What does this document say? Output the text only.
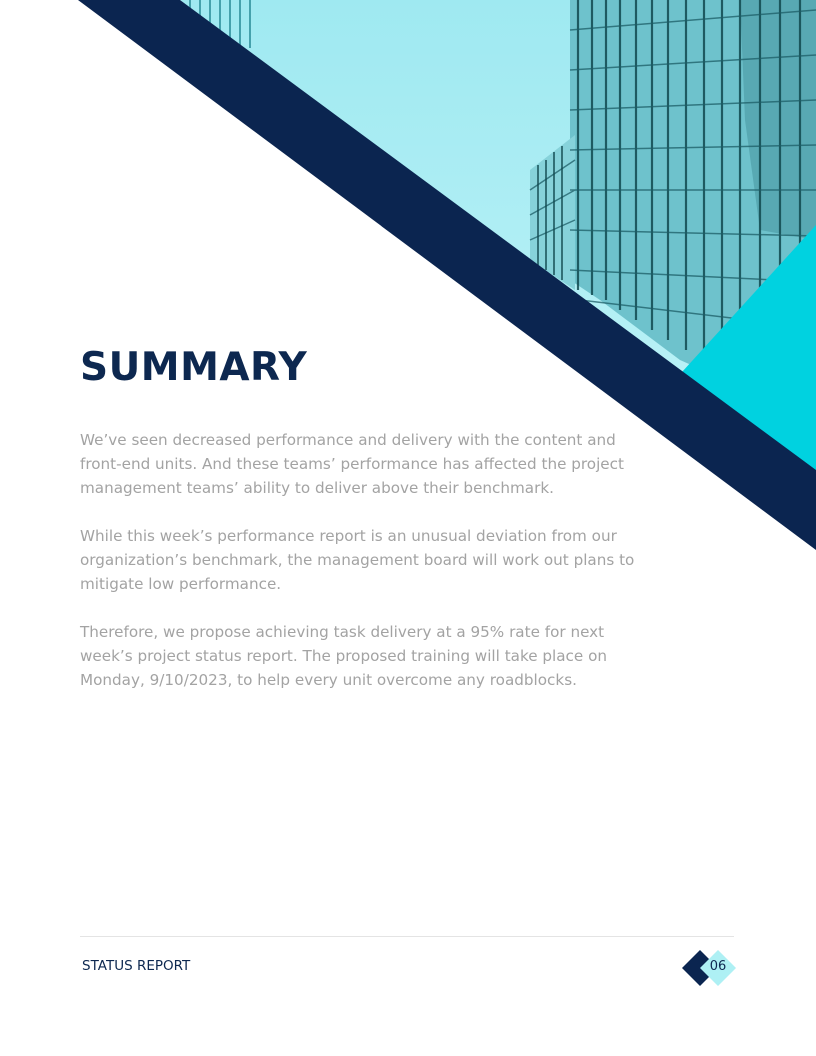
SUMMARY

We’ve seen decreased performance and delivery with the content and front-end units. And these teams’ performance has affected the project management teams’ ability to deliver above their benchmark.

While this week’s performance report is an unusual deviation from our organization’s benchmark, the management board will work out plans to mitigate low performance.

Therefore, we propose achieving task delivery at a 95% rate for next week’s project status report. The proposed training will take place on Monday, 9/10/2023, to help every unit overcome any roadblocks.

STATUS REPORT	06
